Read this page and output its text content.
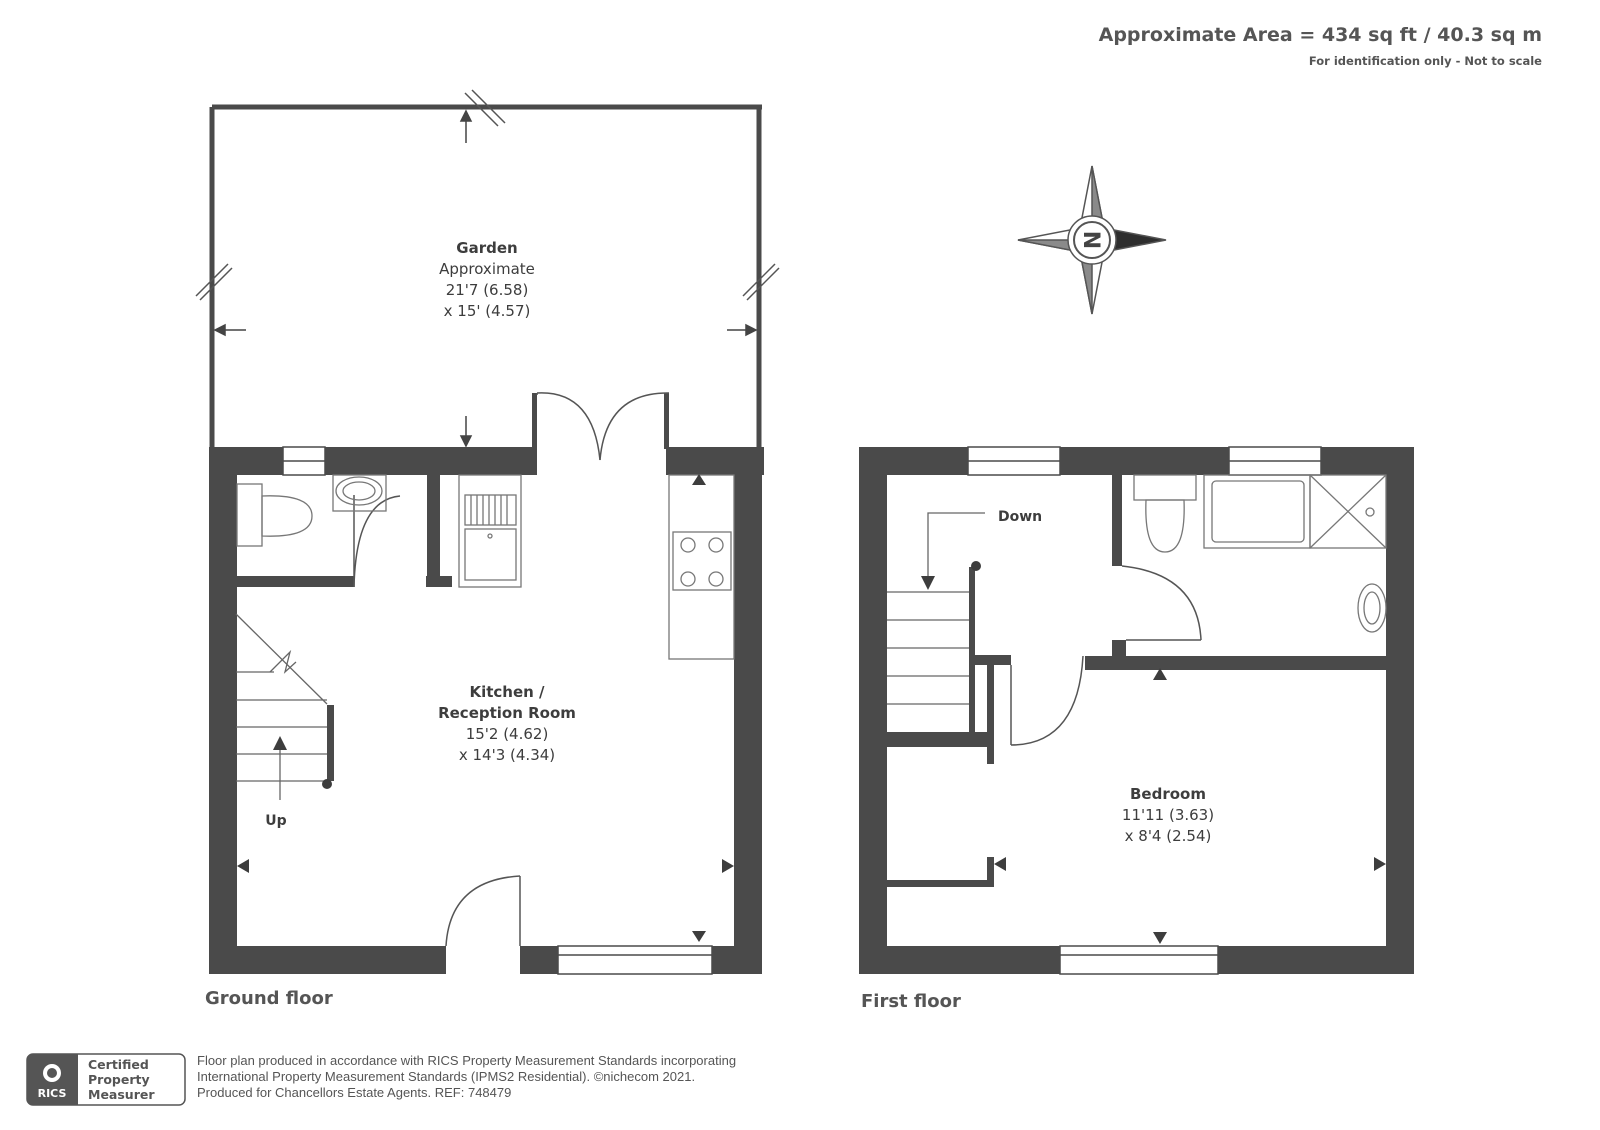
Approximate Area = 434 sq ft / 40.3 sq m
For identification only - Not to scale
Garden
Approximate
21'7 (6.58)
x 15' (4.57)
Up
Kitchen /
Reception Room
15'2 (4.62)
x 14'3 (4.34)
Down
Bedroom
11'11 (3.63)
x 8'4 (2.54)
N
Ground floor	First floor
RICS
Certified
Property
Measurer
Floor plan produced in accordance with RICS Property Measurement Standards incorporating
International Property Measurement Standards (IPMS2 Residential). ©nichecom 2021.
Produced for Chancellors Estate Agents. REF: 748479
